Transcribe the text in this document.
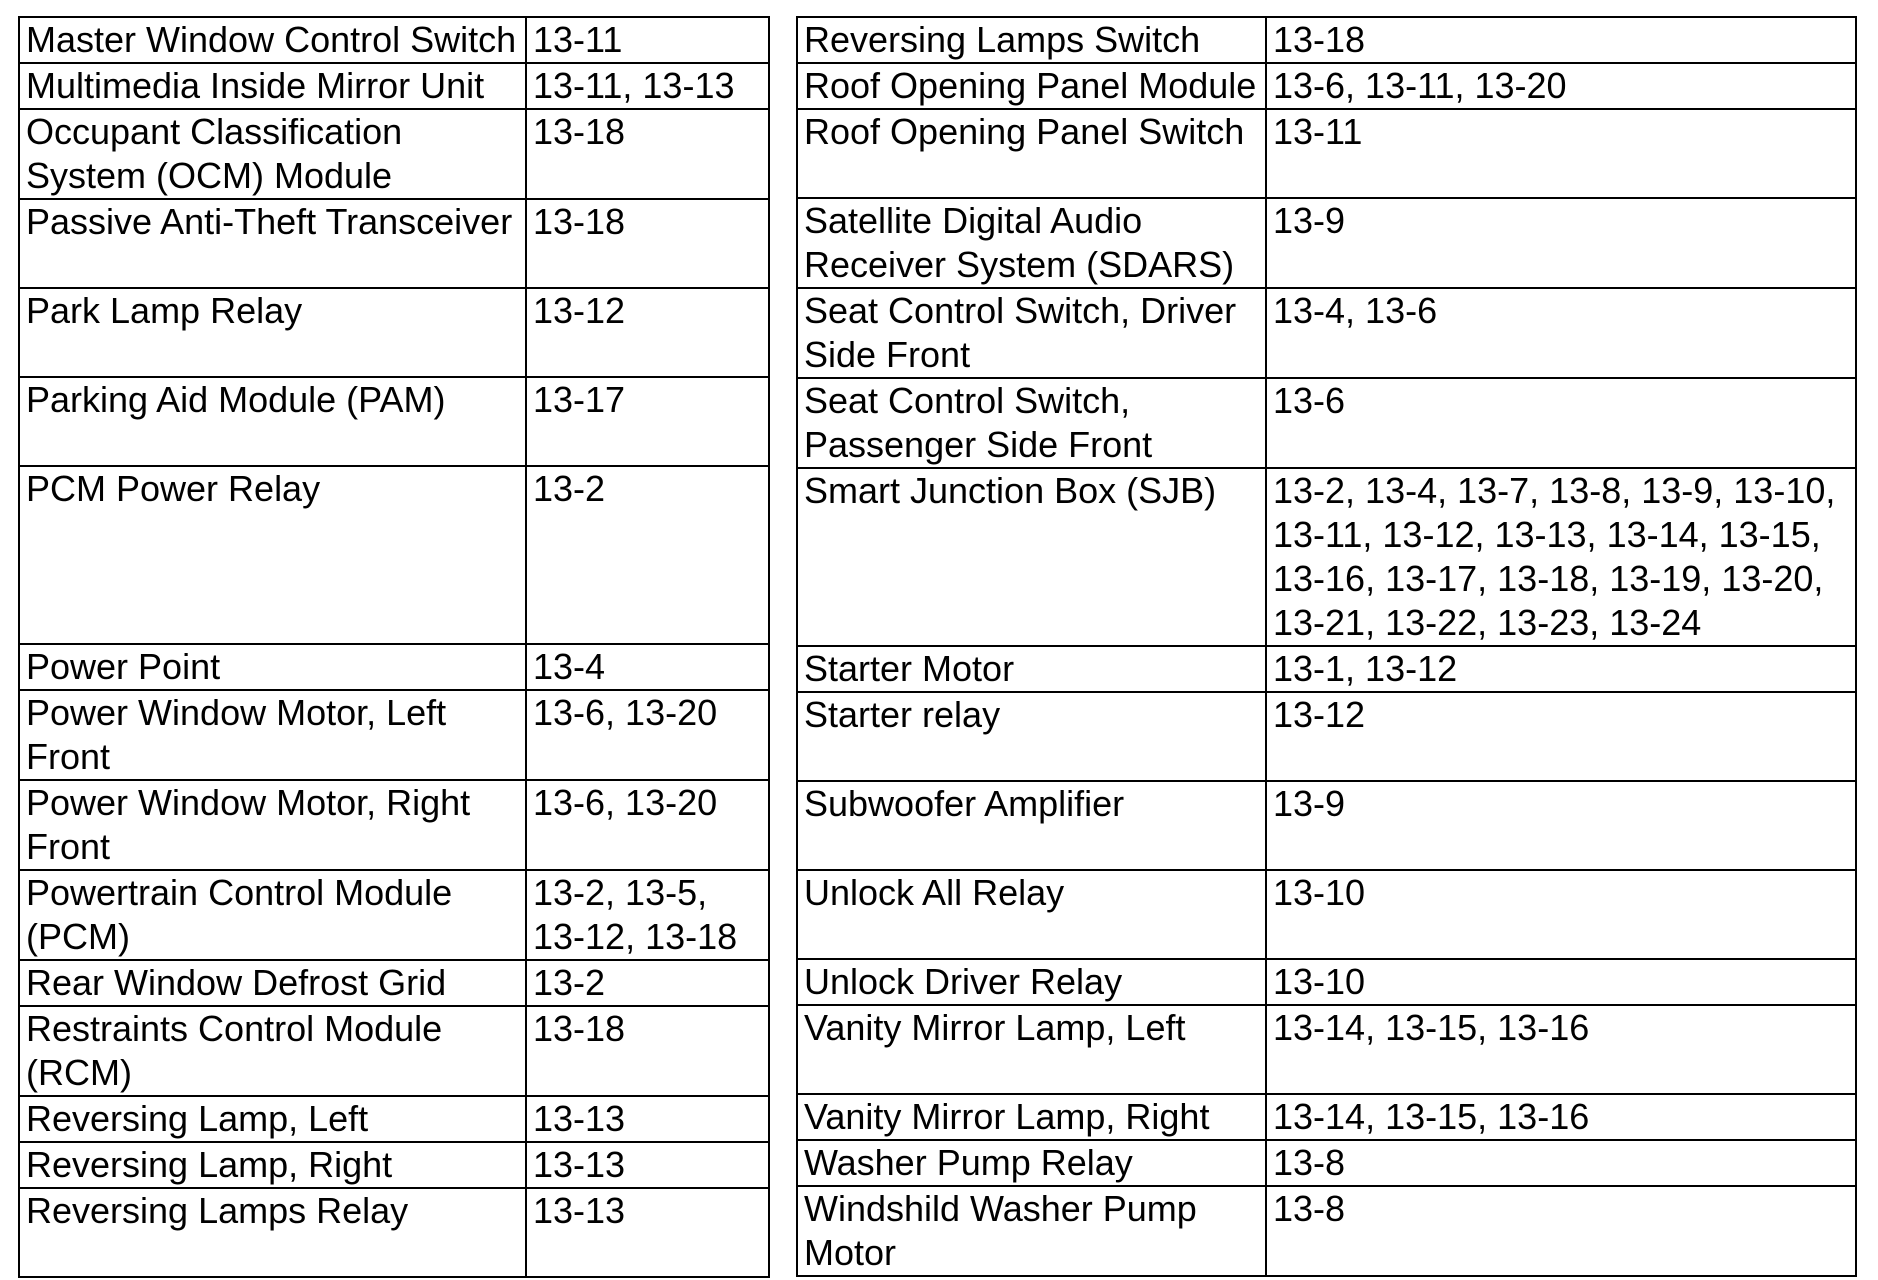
Master Window Control Switch	13-11
Multimedia Inside Mirror Unit	13-11, 13-13
Occupant Classification
System (OCM) Module	13-18
Passive Anti-Theft Transceiver	13-18
Park Lamp Relay	13-12
Parking Aid Module (PAM)	13-17
PCM Power Relay	13-2
Power Point	13-4
Power Window Motor, Left
Front	13-6, 13-20
Power Window Motor, Right
Front	13-6, 13-20
Powertrain Control Module
(PCM)	13-2, 13-5,
13-12, 13-18
Rear Window Defrost Grid	13-2
Restraints Control Module
(RCM)	13-18
Reversing Lamp, Left	13-13
Reversing Lamp, Right	13-13
Reversing Lamps Relay	13-13
Reversing Lamps Switch	13-18
Roof Opening Panel Module	13-6, 13-11, 13-20
Roof Opening Panel Switch	13-11
Satellite Digital Audio
Receiver System (SDARS)	13-9
Seat Control Switch, Driver
Side Front	13-4, 13-6
Seat Control Switch,
Passenger Side Front	13-6
Smart Junction Box (SJB)	13-2, 13-4, 13-7, 13-8, 13-9, 13-10,
13-11, 13-12, 13-13, 13-14, 13-15,
13-16, 13-17, 13-18, 13-19, 13-20,
13-21, 13-22, 13-23, 13-24
Starter Motor	13-1, 13-12
Starter relay	13-12
Subwoofer Amplifier	13-9
Unlock All Relay	13-10
Unlock Driver Relay	13-10
Vanity Mirror Lamp, Left	13-14, 13-15, 13-16
Vanity Mirror Lamp, Right	13-14, 13-15, 13-16
Washer Pump Relay	13-8
Windshild Washer Pump
Motor	13-8
